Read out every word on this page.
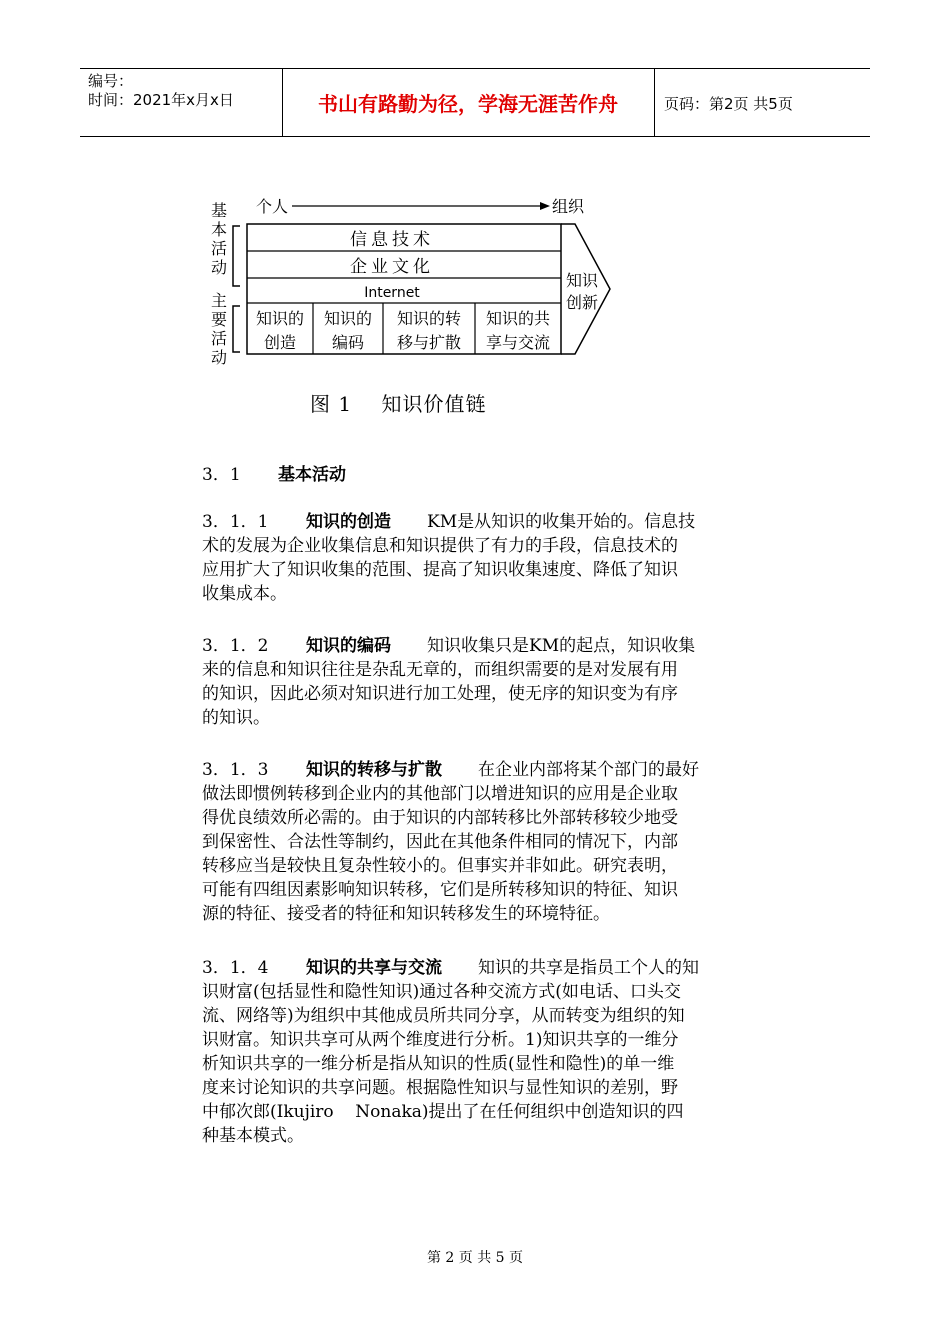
编号：
时间：2021年x月x日	书山有路勤为径，学海无涯苦作舟	页码：第2页 共5页
基
本
活
动
主
要
活
动
个人	组织
信息技术
企业文化
Internet
知识的
创造
知识的
编码
知识的转
移与扩散
知识的共
享与交流
知识
创新
图 1    知识价值链
3．1 基本活动
3．1．1 知识的创造 KM是从知识的收集开始的。信息技
术的发展为企业收集信息和知识提供了有力的手段，信息技术的
应用扩大了知识收集的范围、提高了知识收集速度、降低了知识
收集成本。
3．1．2 知识的编码 知识收集只是KM的起点，知识收集
来的信息和知识往往是杂乱无章的，而组织需要的是对发展有用
的知识，因此必须对知识进行加工处理，使无序的知识变为有序
的知识。
3．1．3 知识的转移与扩散 在企业内部将某个部门的最好
做法即惯例转移到企业内的其他部门以增进知识的应用是企业取
得优良绩效所必需的。由于知识的内部转移比外部转移较少地受
到保密性、合法性等制约，因此在其他条件相同的情况下，内部
转移应当是较快且复杂性较小的。但事实并非如此。研究表明，
可能有四组因素影响知识转移，它们是所转移知识的特征、知识
源的特征、接受者的特征和知识转移发生的环境特征。
3．1．4 知识的共享与交流 知识的共享是指员工个人的知
识财富(包括显性和隐性知识)通过各种交流方式(如电话、口头交
流、网络等)为组织中其他成员所共同分享，从而转变为组织的知
识财富。知识共享可从两个维度进行分析。1)知识共享的一维分
析知识共享的一维分析是指从知识的性质(显性和隐性)的单一维
度来讨论知识的共享问题。根据隐性知识与显性知识的差别，野
中郁次郎(Ikujiro    Nonaka)提出了在任何组织中创造知识的四
种基本模式。
第 2 页 共 5 页
